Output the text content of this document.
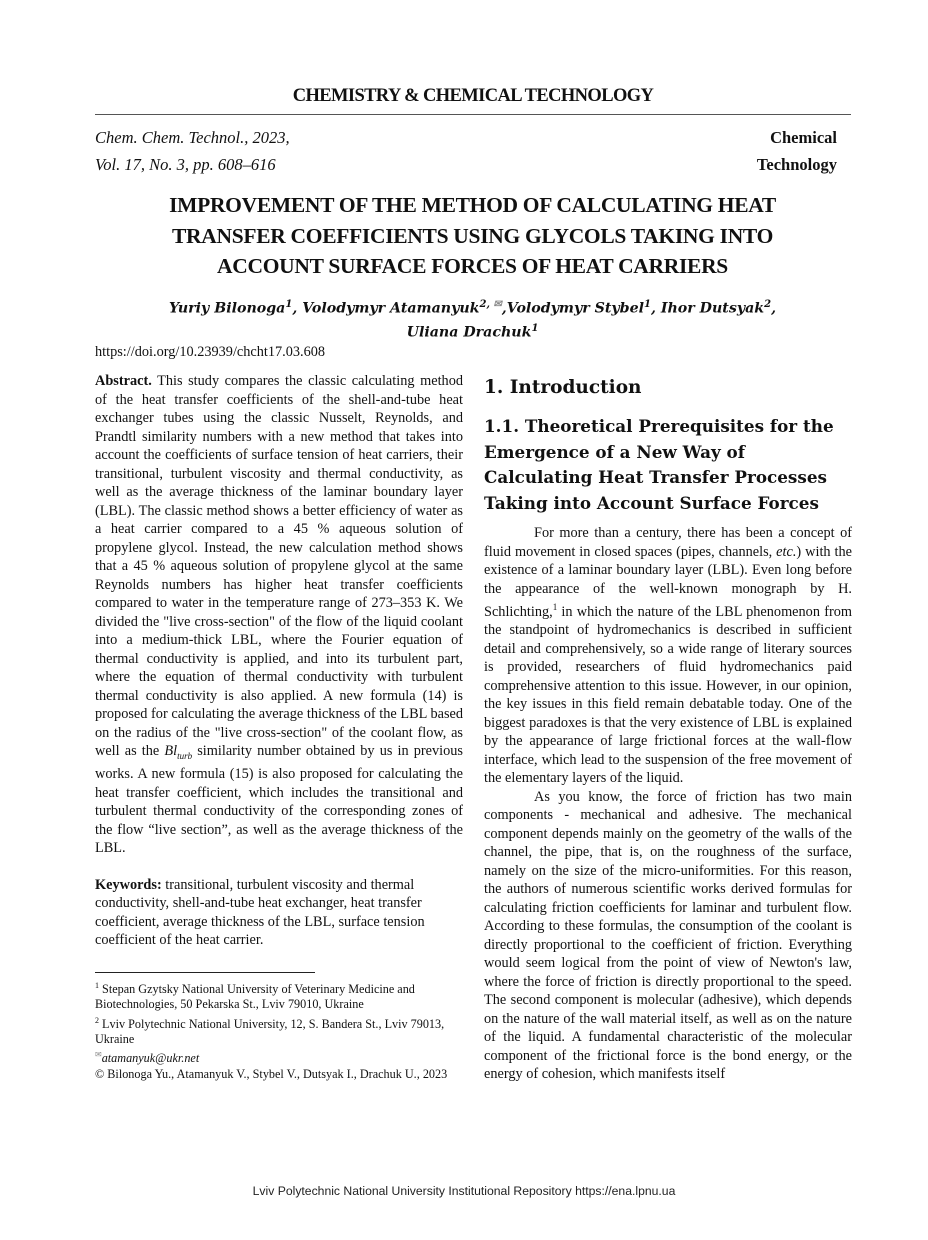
CHEMISTRY & CHEMICAL TECHNOLOGY
Chem. Chem. Technol., 2023,
Vol. 17, No. 3, pp. 608–616
Chemical
Technology
IMPROVEMENT OF THE METHOD OF CALCULATING HEAT
TRANSFER COEFFICIENTS USING GLYCOLS TAKING INTO
ACCOUNT SURFACE FORCES OF HEAT CARRIERS
Yuriy Bilonoga$^1$, Volodymyr Atamanyuk$^{2,}$ ✉,Volodymyr Stybel$^1$, Ihor Dutsyak$^2$,
Uliana Drachuk$^1$
https://doi.org/10.23939/chcht17.03.608

Abstract. This study compares the classic calculating method of the heat transfer coefficients of the shell-and-tube heat exchanger tubes using the classic Nusselt, Reynolds, and Prandtl similarity numbers with a new method that takes into account the coefficients of surface tension of heat carriers, their transitional, turbulent viscosity and thermal conductivity, as well as the average thickness of the laminar boundary layer (LBL). The classic method shows a better efficiency of water as a heat carrier compared to a 45 % aqueous solution of propylene glycol. Instead, the new calculation method shows that a 45 % aqueous solution of propylene glycol at the same Reynolds numbers has higher heat transfer coefficients compared to water in the temperature range of 273–353 K. We divided the "live cross-section" of the flow of the liquid coolant into a medium-thick LBL, where the Fourier equation of thermal conductivity is applied, and into its turbulent part, where the equation of thermal conductivity with turbulent thermal conductivity is also applied. A new formula (14) is proposed for calculating the average thickness of the LBL based on the radius of the "live cross-section" of the coolant flow, as well as the $Bl_{turb}$ similarity number obtained by us in previous works. A new formula (15) is also proposed for calculating the heat transfer coefficient, which includes the transitional and turbulent thermal conductivity of the corresponding zones of the flow “live section”, as well as the average thickness of the LBL.

Keywords: transitional, turbulent viscosity and thermal conductivity, shell-and-tube heat exchanger, heat transfer coefficient, average thickness of the LBL, surface tension coefficient of the heat carrier.

$^1$ Stepan Gzytsky National University of Veterinary Medicine and Biotechnologies, 50 Pekarska St., Lviv 79010, Ukraine
$^2$ Lviv Polytechnic National University, 12, S. Bandera St., Lviv 79013, Ukraine
✉atamanyuk@ukr.net
© Bilonoga Yu., Atamanyuk V., Stybel V., Dutsyak I., Drachuk U., 2023
1. Introduction
1.1. Theoretical Prerequisites for the Emergence of a New Way of Calculating Heat Transfer Processes Taking into Account Surface Forces

For more than a century, there has been a concept of fluid movement in closed spaces (pipes, channels, etc.) with the existence of a laminar boundary layer (LBL). Even long before the appearance of the well-known monograph by H. Schlichting,$^1$ in which the nature of the LBL phenomenon from the standpoint of hydromechanics is described in sufficient detail and comprehensively, so a wide range of literary sources is provided, researchers of fluid hydromechanics paid comprehensive attention to this issue. However, in our opinion, the key issues in this field remain debatable today. One of the biggest paradoxes is that the very existence of LBL is explained by the appearance of large frictional forces at the wall-flow interface, which lead to the suspension of the free movement of the elementary layers of the liquid.

As you know, the force of friction has two main components - mechanical and adhesive. The mechanical component depends mainly on the geometry of the walls of the channel, the pipe, that is, on the roughness of the surface, namely on the size of the micro-uniformities. For this reason, the authors of numerous scientific works derived formulas for calculating friction coefficients for laminar and turbulent flow. According to these formulas, the consumption of the coolant is directly proportional to the coefficient of friction. Everything would seem logical from the point of view of Newton's law, where the force of friction is directly proportional to the speed. The second component is molecular (adhesive), which depends on the nature of the wall material itself, as well as on the nature of the liquid. A fundamental characteristic of the molecular component of the frictional force is the bond energy, or the energy of cohesion, which manifests itself

Lviv Polytechnic National University Institutional Repository https://ena.lpnu.ua
